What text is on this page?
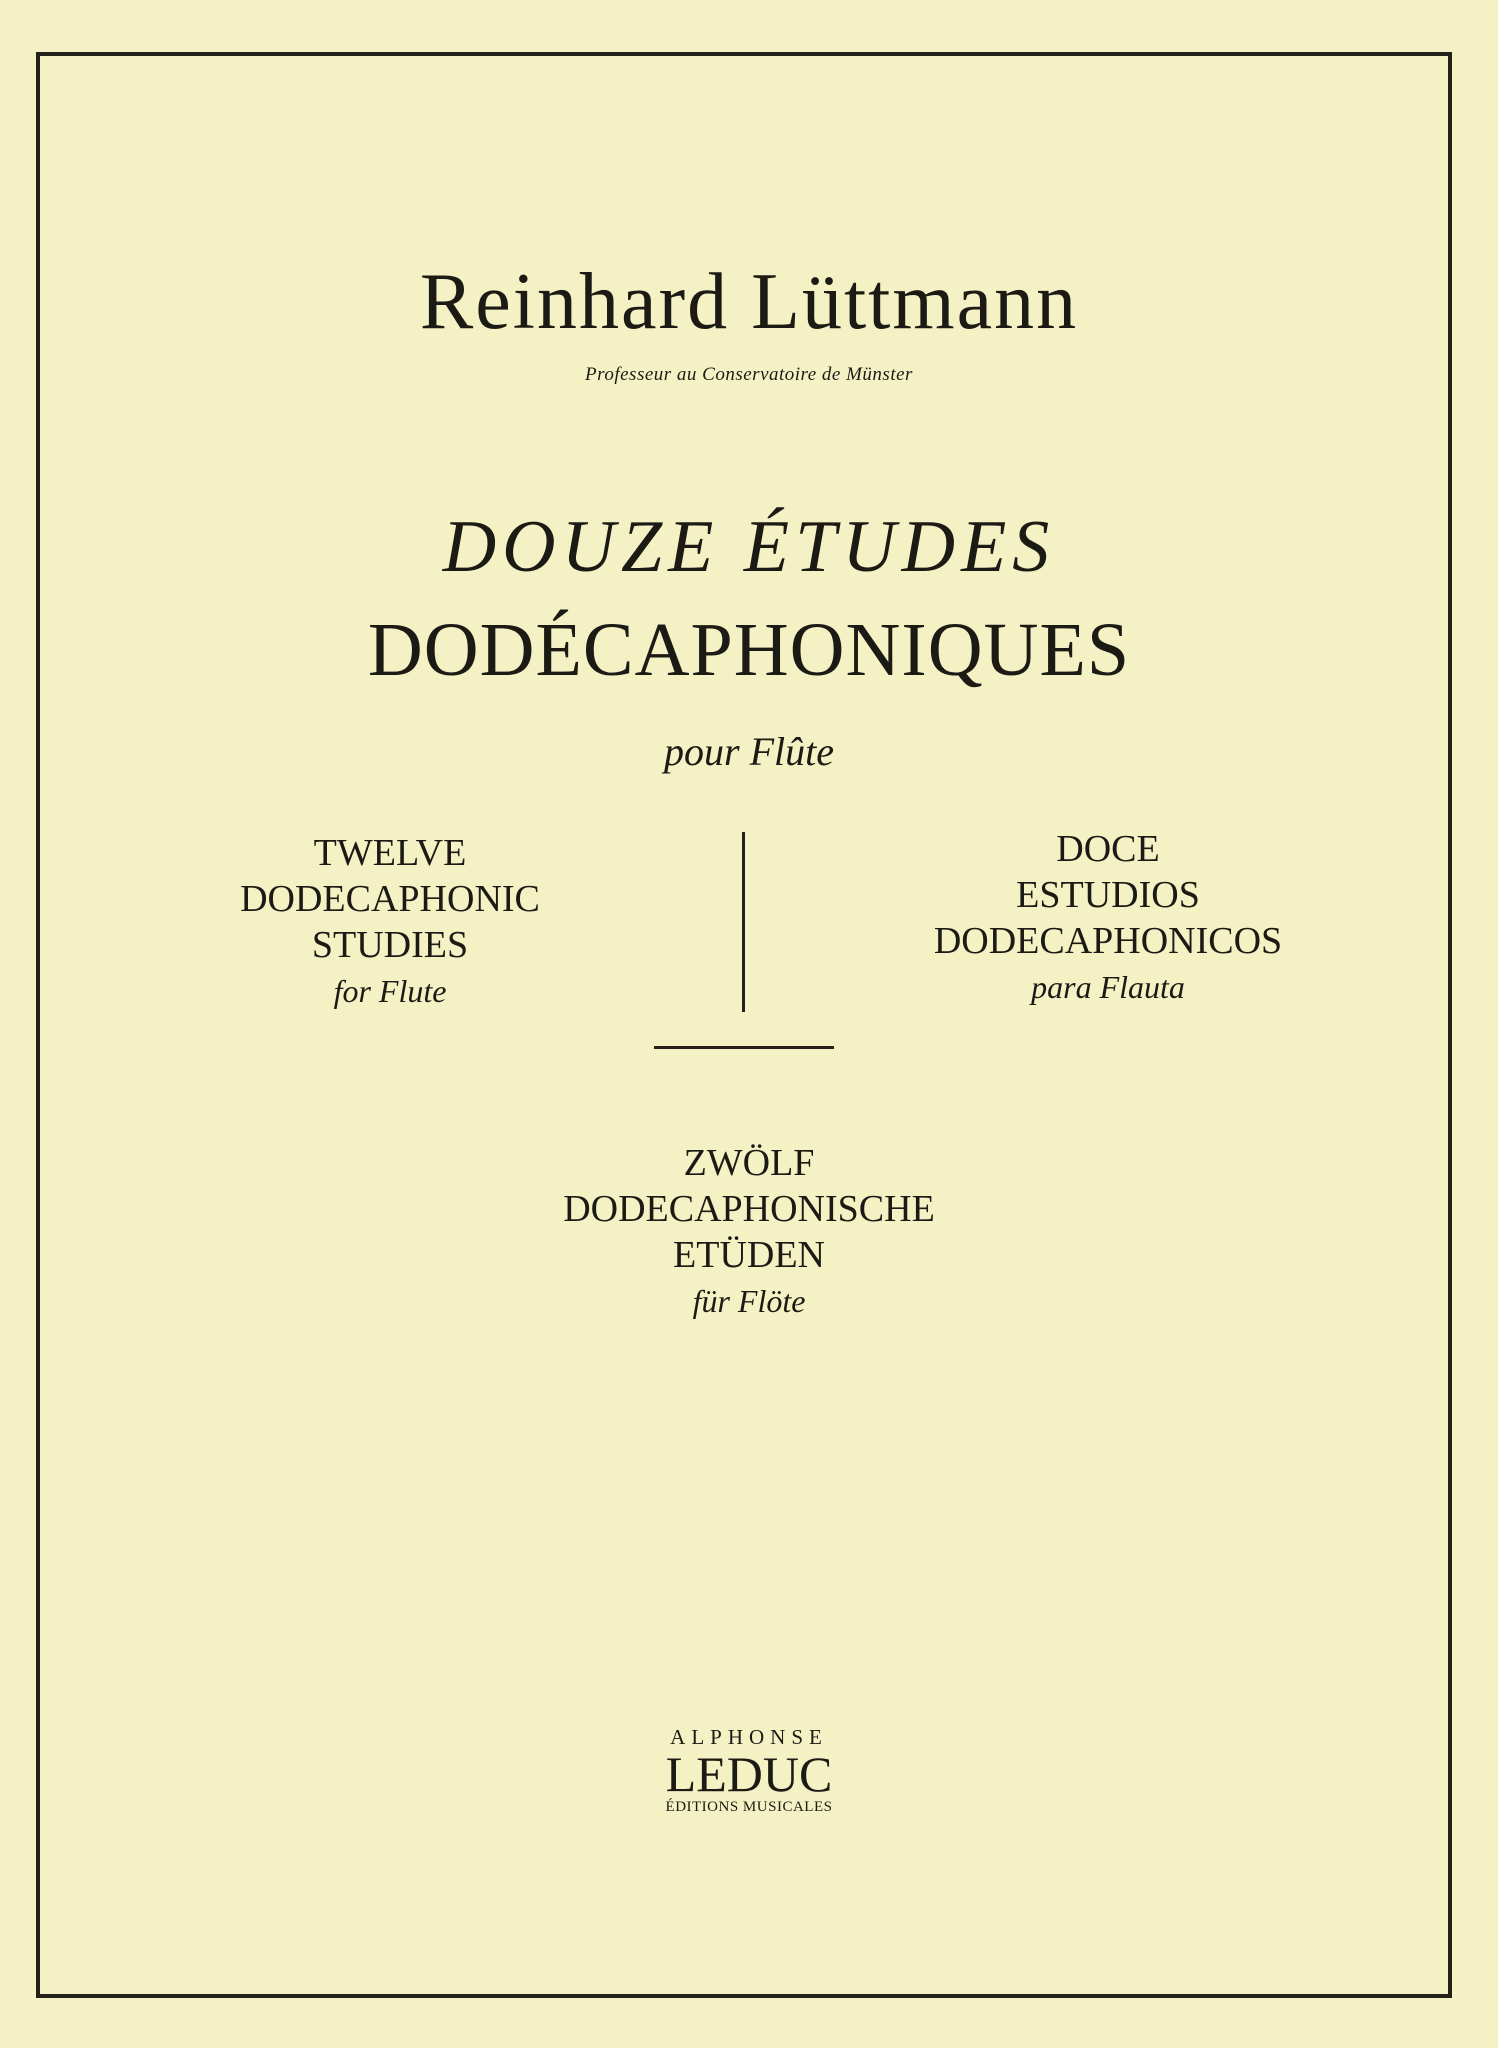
Reinhard Lüttmann
Professeur au Conservatoire de Münster
DOUZE ÉTUDES
DODÉCAPHONIQUES
pour Flûte
TWELVE
DODECAPHONIC
STUDIES
for Flute
DOCE
ESTUDIOS
DODECAPHONICOS
para Flauta
ZWÖLF
DODECAPHONISCHE
ETÜDEN
für Flöte
ALPHONSE
LEDUC
ÉDITIONS MUSICALES
